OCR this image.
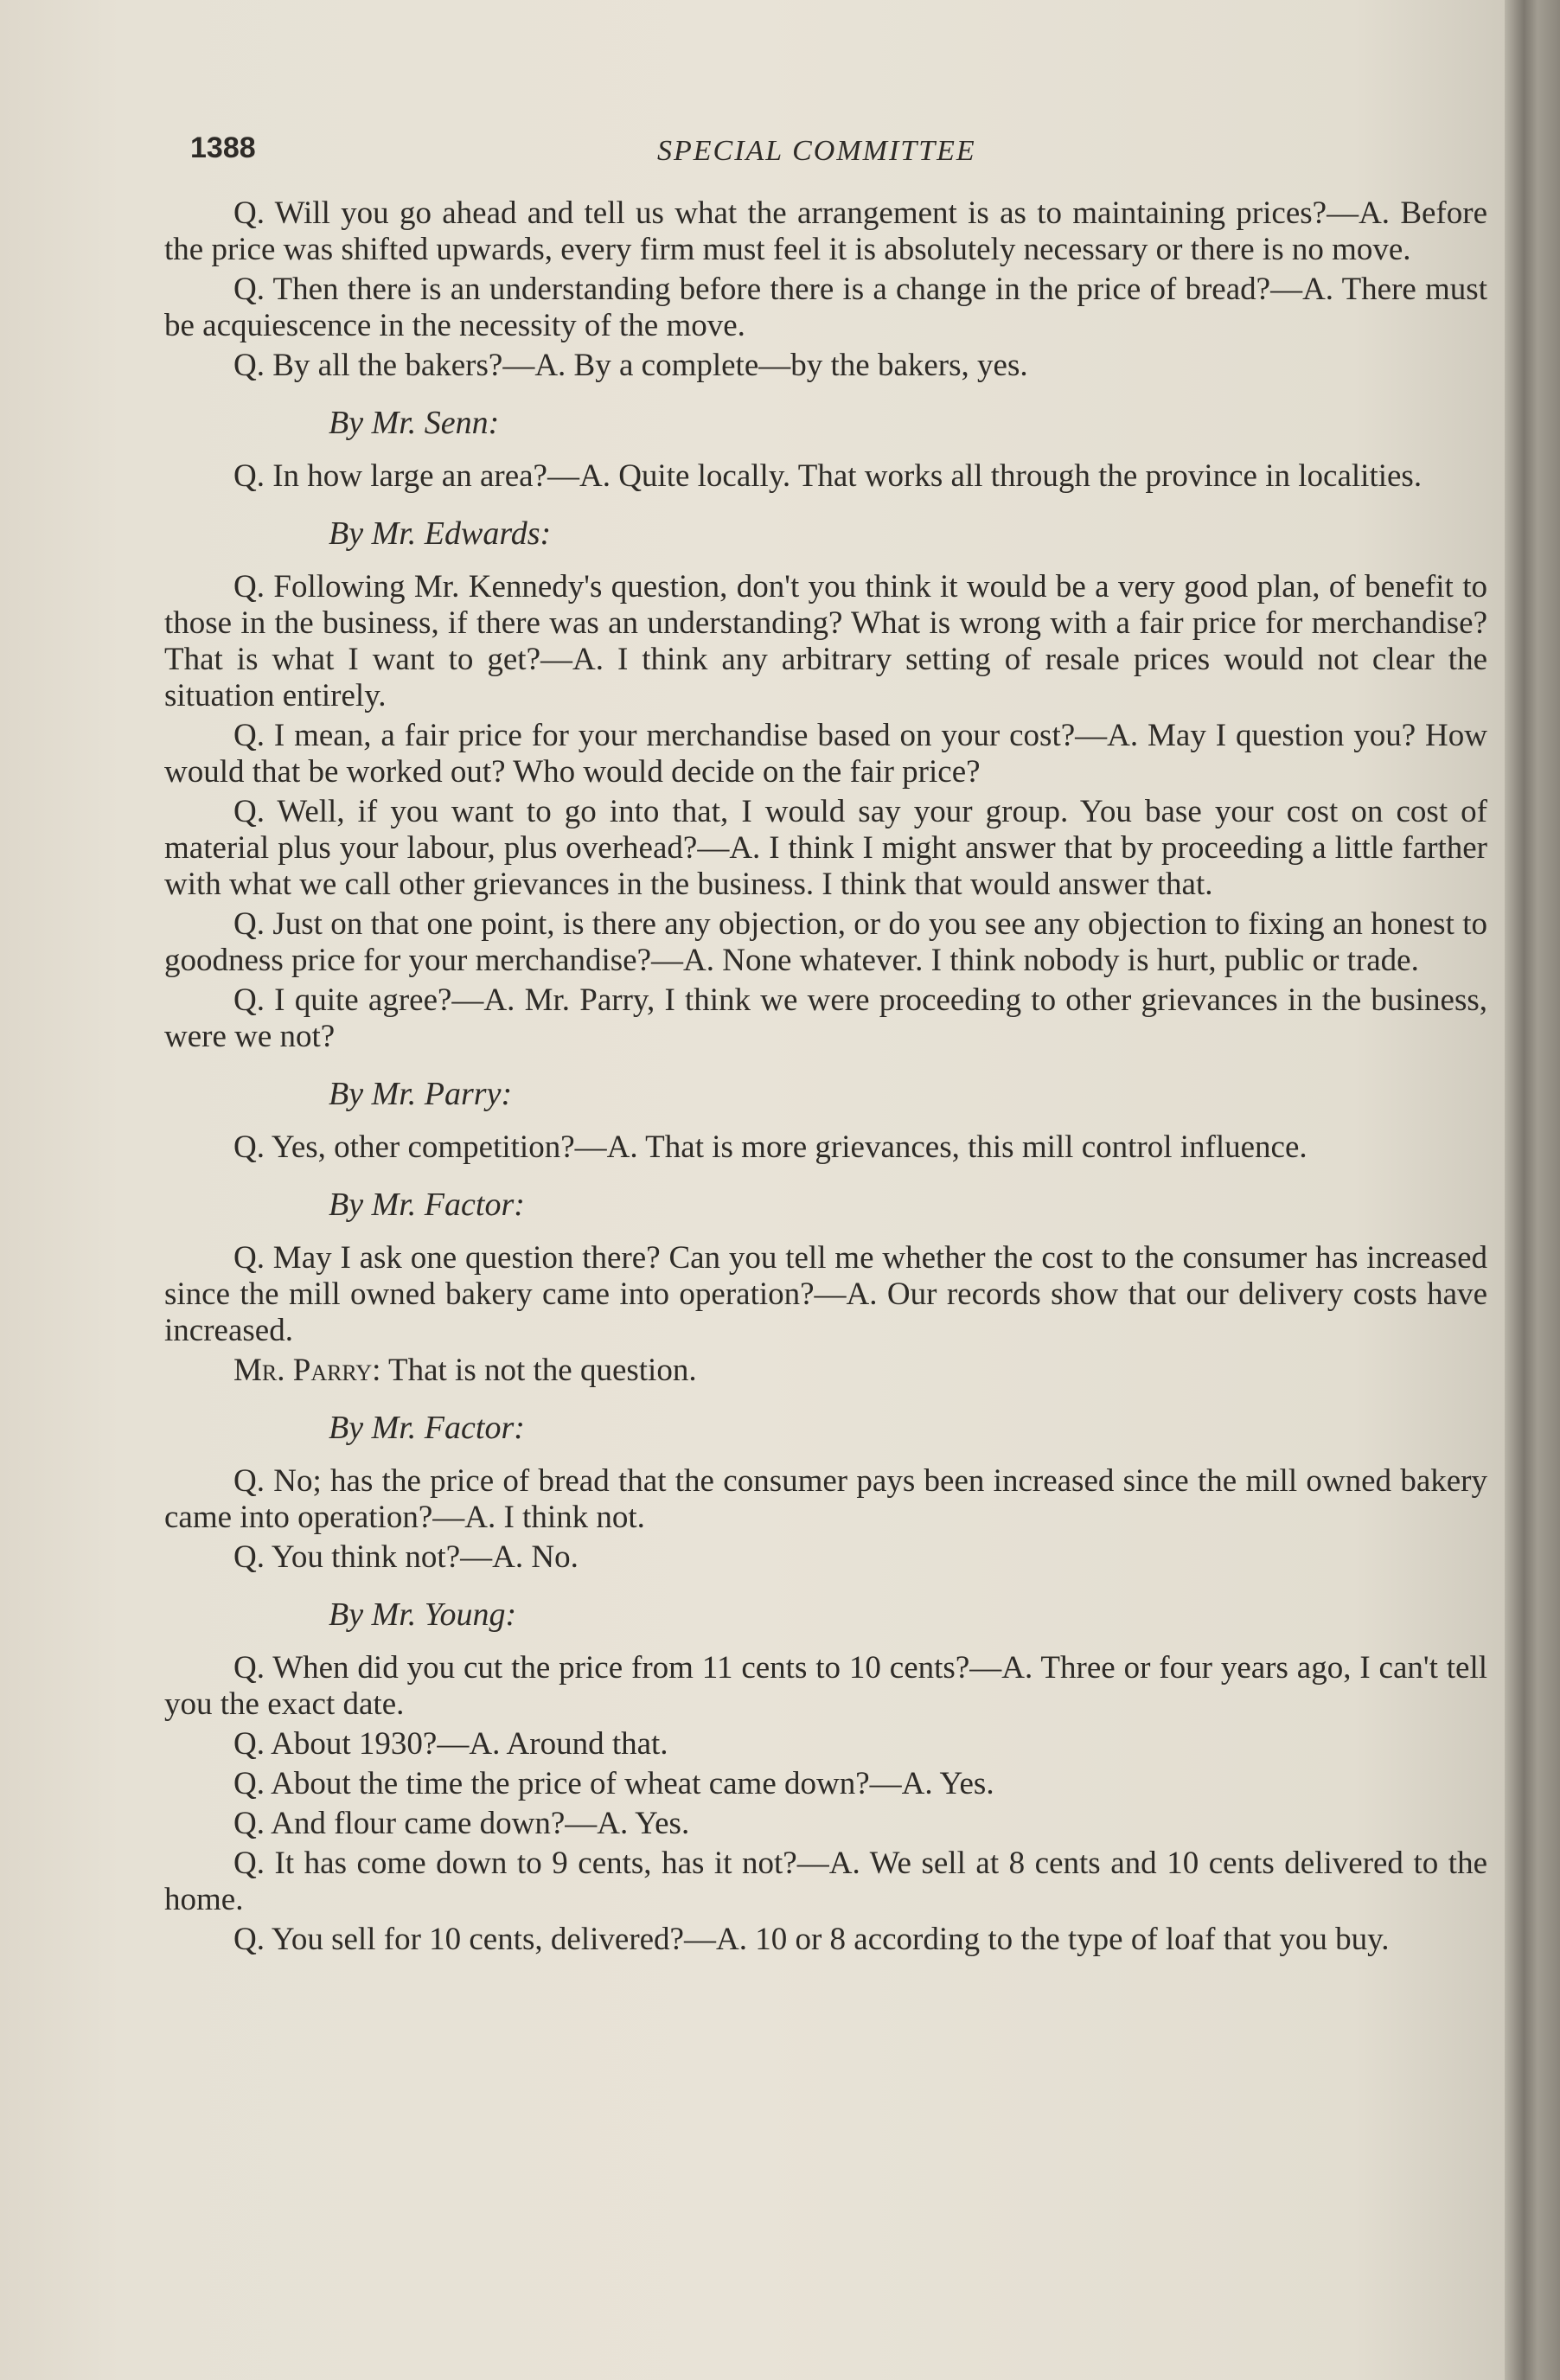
1388	SPECIAL COMMITTEE

Q. Will you go ahead and tell us what the arrangement is as to maintaining prices?—A. Before the price was shifted upwards, every firm must feel it is absolutely necessary or there is no move.

Q. Then there is an understanding before there is a change in the price of bread?—A. There must be acquiescence in the necessity of the move.

Q. By all the bakers?—A. By a complete—by the bakers, yes.

By Mr. Senn:

Q. In how large an area?—A. Quite locally. That works all through the province in localities.

By Mr. Edwards:

Q. Following Mr. Kennedy's question, don't you think it would be a very good plan, of benefit to those in the business, if there was an understanding? What is wrong with a fair price for merchandise? That is what I want to get?—A. I think any arbitrary setting of resale prices would not clear the situation entirely.

Q. I mean, a fair price for your merchandise based on your cost?—A. May I question you? How would that be worked out? Who would decide on the fair price?

Q. Well, if you want to go into that, I would say your group. You base your cost on cost of material plus your labour, plus overhead?—A. I think I might answer that by proceeding a little farther with what we call other grievances in the business. I think that would answer that.

Q. Just on that one point, is there any objection, or do you see any objection to fixing an honest to goodness price for your merchandise?—A. None whatever. I think nobody is hurt, public or trade.

Q. I quite agree?—A. Mr. Parry, I think we were proceeding to other grievances in the business, were we not?

By Mr. Parry:

Q. Yes, other competition?—A. That is more grievances, this mill control influence.

By Mr. Factor:

Q. May I ask one question there? Can you tell me whether the cost to the consumer has increased since the mill owned bakery came into operation?—A. Our records show that our delivery costs have increased.

Mr. Parry: That is not the question.

By Mr. Factor:

Q. No; has the price of bread that the consumer pays been increased since the mill owned bakery came into operation?—A. I think not.

Q. You think not?—A. No.

By Mr. Young:

Q. When did you cut the price from 11 cents to 10 cents?—A. Three or four years ago, I can't tell you the exact date.

Q. About 1930?—A. Around that.

Q. About the time the price of wheat came down?—A. Yes.

Q. And flour came down?—A. Yes.

Q. It has come down to 9 cents, has it not?—A. We sell at 8 cents and 10 cents delivered to the home.

Q. You sell for 10 cents, delivered?—A. 10 or 8 according to the type of loaf that you buy.
